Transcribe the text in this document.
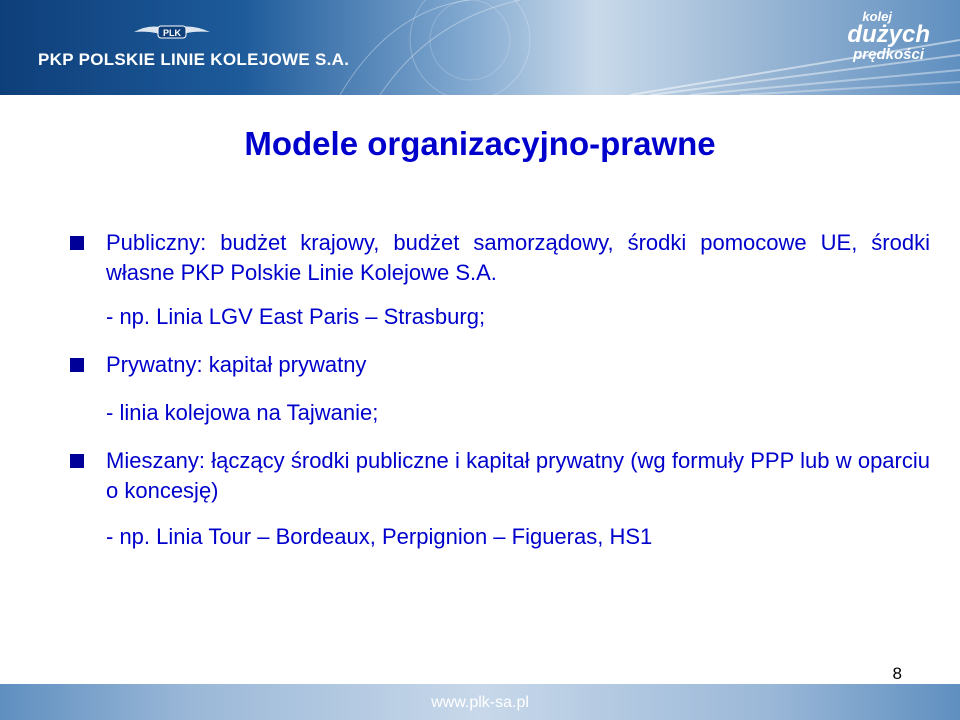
PLK
PKP POLSKIE LINIE KOLEJOWE S.A.
kolej
dużych
prędkości
Modele organizacyjno-prawne
Publiczny: budżet krajowy, budżet samorządowy, środki pomocowe UE, środki własne PKP Polskie Linie Kolejowe S.A.
- np. Linia LGV East Paris – Strasburg;
Prywatny: kapitał prywatny
- linia kolejowa na Tajwanie;
Mieszany: łączący środki publiczne i kapitał prywatny (wg formuły PPP lub w oparciu o koncesję)
- np. Linia Tour – Bordeaux, Perpignion – Figueras, HS1
8
www.plk-sa.pl
